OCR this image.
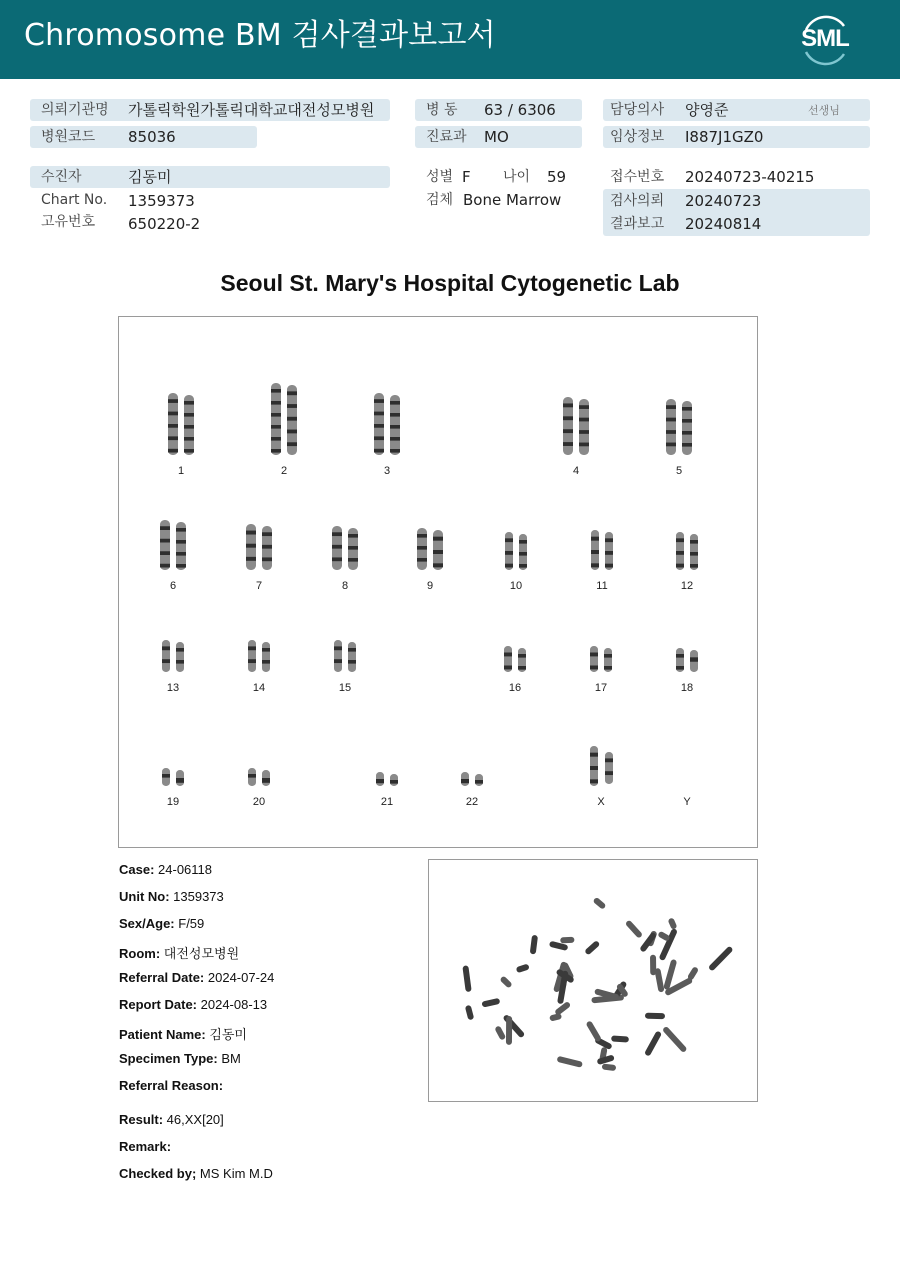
Chromosome BM 검사결과보고서	SML
의뢰기관명 가톨릭학원가톨릭대학교대전성모병원
병원코드 85036
수진자	김동미
Chart No. 1359373
고유번호 650220-2
병 동 63 / 6306
진료과 MO
성별 F 나이 59
검체 Bone Marrow
담당의사 양영준	선생님
임상정보 I887J1GZ0
접수번호 20240723-40215
검사의뢰 20240723
결과보고 20240814
Seoul St. Mary's Hospital Cytogenetic Lab
1	2	3	4	5
6	7	8	9	10	11	12
13	14	15	16	17	18
19	20	21	22	X	Y
Case: 24-06118
Unit No: 1359373
Sex/Age: F/59
Room: 대전성모병원
Referral Date: 2024-07-24
Report Date: 2024-08-13
Patient Name: 김동미
Specimen Type: BM
Referral Reason:
Result: 46,XX[20]
Remark:
Checked by; MS Kim M.D
